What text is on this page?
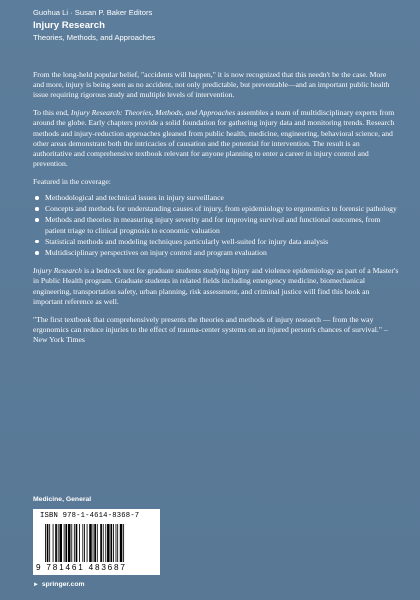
Guohua Li · Susan P. Baker Editors
Injury Research
Theories, Methods, and Approaches

From the long-held popular belief, "accidents will happen," it is now recognized that this needn't be the case. More and more, injury is being seen as no accident, not only predictable, but preventable—and an important public health issue requiring rigorous study and multiple levels of intervention.

To this end, Injury Research: Theories, Methods, and Approaches assembles a team of multidisciplinary experts from around the globe. Early chapters provide a solid foundation for gathering injury data and monitoring trends. Research methods and injury-reduction approaches gleaned from public health, medicine, engineering, behavioral science, and other areas demonstrate both the intricacies of causation and the potential for intervention. The result is an authoritative and comprehensive textbook relevant for anyone planning to enter a career in injury control and prevention.

Featured in the coverage:

Methodological and technical issues in injury surveillance
Concepts and methods for understanding causes of injury, from epidemiology to ergonomics to forensic pathology
Methods and theories in measuring injury severity and for improving survival and functional outcomes, from patient triage to clinical prognosis to economic valuation
Statistical methods and modeling techniques particularly well-suited for injury data analysis
Multidisciplinary perspectives on injury control and program evaluation

Injury Research is a bedrock text for graduate students studying injury and violence epidemiology as part of a Master's in Public Health program. Graduate students in related fields including emergency medicine, biomechanical engineering, transportation safety, urban planning, risk assessment, and criminal justice will find this book an important reference as well.

"The first textbook that comprehensively presents the theories and methods of injury research — from the way ergonomics can reduce injuries to the effect of trauma-center systems on an injured person's chances of survival." – New York Times

Medicine, General
ISBN 978-1-4614-8368-7
9 781461 483687
► springer.com
